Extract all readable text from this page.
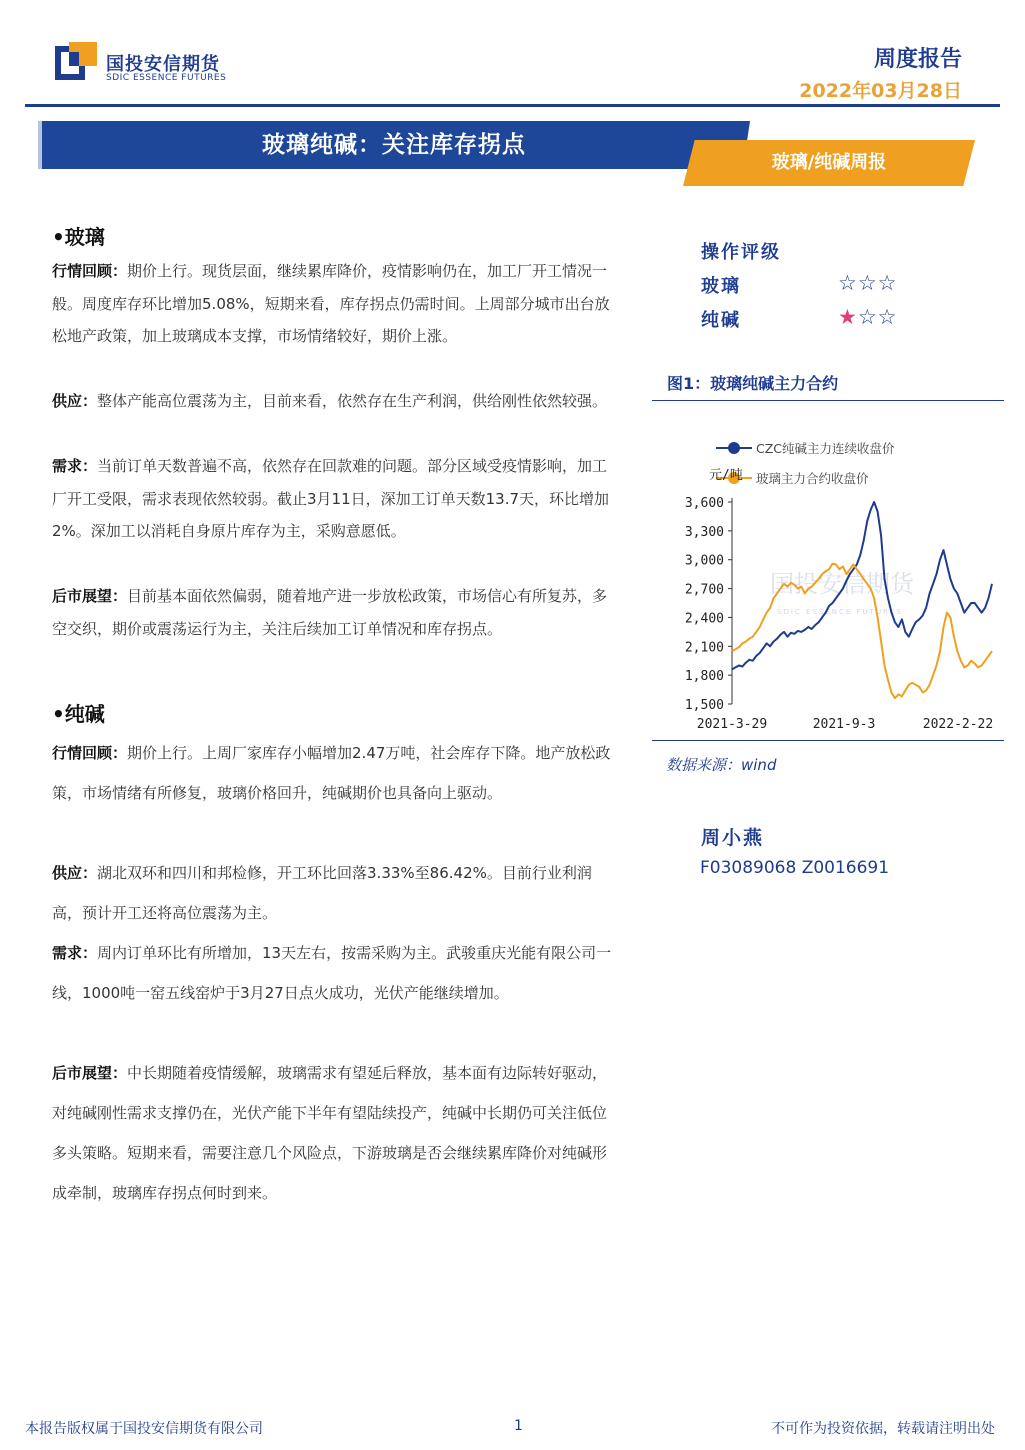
国投安信期货
SDIC ESSENCE FUTURES
周度报告
2022年03月28日
玻璃纯碱：关注库存拐点
玻璃/纯碱周报
•玻璃
行情回顾：期价上行。现货层面，继续累库降价，疫情影响仍在，加工厂开工情况一般。周度库存环比增加5.08%，短期来看，库存拐点仍需时间。上周部分城市出台放松地产政策，加上玻璃成本支撑，市场情绪较好，期价上涨。
供应：整体产能高位震荡为主，目前来看，依然存在生产利润，供给刚性依然较强。
需求：当前订单天数普遍不高，依然存在回款难的问题。部分区域受疫情影响，加工厂开工受限，需求表现依然较弱。截止3月11日，深加工订单天数13.7天，环比增加2%。深加工以消耗自身原片库存为主，采购意愿低。
后市展望：目前基本面依然偏弱，随着地产进一步放松政策，市场信心有所复苏，多空交织，期价或震荡运行为主，关注后续加工订单情况和库存拐点。
•纯碱
行情回顾：期价上行。上周厂家库存小幅增加2.47万吨，社会库存下降。地产放松政策，市场情绪有所修复，玻璃价格回升，纯碱期价也具备向上驱动。
供应：湖北双环和四川和邦检修，开工环比回落3.33%至86.42%。目前行业利润高，预计开工还将高位震荡为主。
需求：周内订单环比有所增加，13天左右，按需采购为主。武骏重庆光能有限公司一线，1000吨一窑五线窑炉于3月27日点火成功，光伏产能继续增加。
后市展望：中长期随着疫情缓解，玻璃需求有望延后释放，基本面有边际转好驱动，对纯碱刚性需求支撑仍在，光伏产能下半年有望陆续投产，纯碱中长期仍可关注低位多头策略。短期来看，需要注意几个风险点，下游玻璃是否会继续累库降价对纯碱形成牵制，玻璃库存拐点何时到来。
操作评级
玻璃	☆☆☆
纯碱	★☆☆
图1：玻璃纯碱主力合约
国投安信期货
SDIC ESSENCE FUTURES
CZC纯碱主力连续收盘价
玻璃主力合约收盘价
元/吨
1,500
1,800
2,100
2,400
2,700
3,000
3,300
3,600
2021-3-29	2021-9-3	2022-2-22
数据来源：wind
周小燕
F03089068 Z0016691
本报告版权属于国投安信期货有限公司	1	不可作为投资依据，转载请注明出处
